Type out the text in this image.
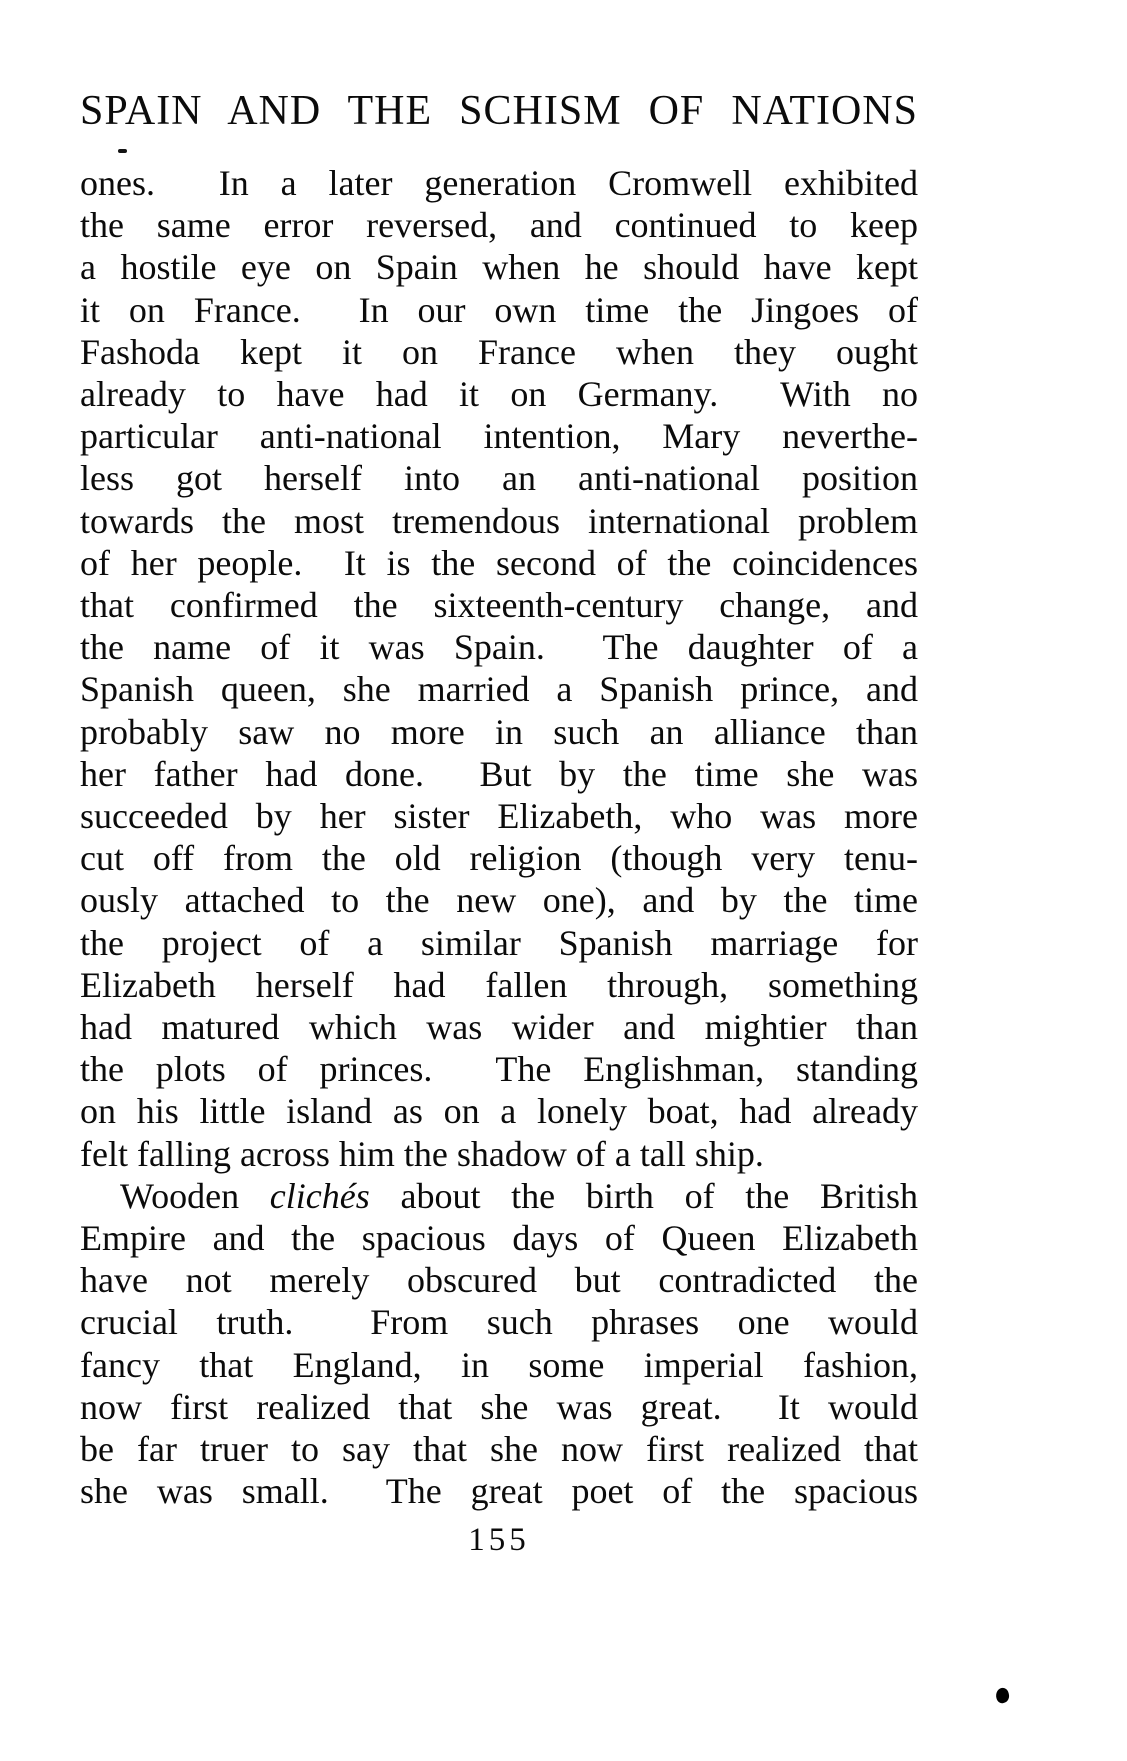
SPAIN AND THE SCHISM OF NATIONS
ones.  In a later generation Cromwell exhibited
the same error reversed, and continued to keep
a hostile eye on Spain when he should have kept
it on France.  In our own time the Jingoes of
Fashoda kept it on France when they ought
already to have had it on Germany.  With no
particular anti-national intention, Mary neverthe-
less got herself into an anti-national position
towards the most tremendous international problem
of her people.  It is the second of the coincidences
that confirmed the sixteenth-century change, and
the name of it was Spain.  The daughter of a
Spanish queen, she married a Spanish prince, and
probably saw no more in such an alliance than
her father had done.  But by the time she was
succeeded by her sister Elizabeth, who was more
cut off from the old religion (though very tenu-
ously attached to the new one), and by the time
the project of a similar Spanish marriage for
Elizabeth herself had fallen through, something
had matured which was wider and mightier than
the plots of princes.  The Englishman, standing
on his little island as on a lonely boat, had already
felt falling across him the shadow of a tall ship.
Wooden clichés about the birth of the British
Empire and the spacious days of Queen Elizabeth
have not merely obscured but contradicted the
crucial truth.  From such phrases one would
fancy that England, in some imperial fashion,
now first realized that she was great.  It would
be far truer to say that she now first realized that
she was small.  The great poet of the spacious
155
